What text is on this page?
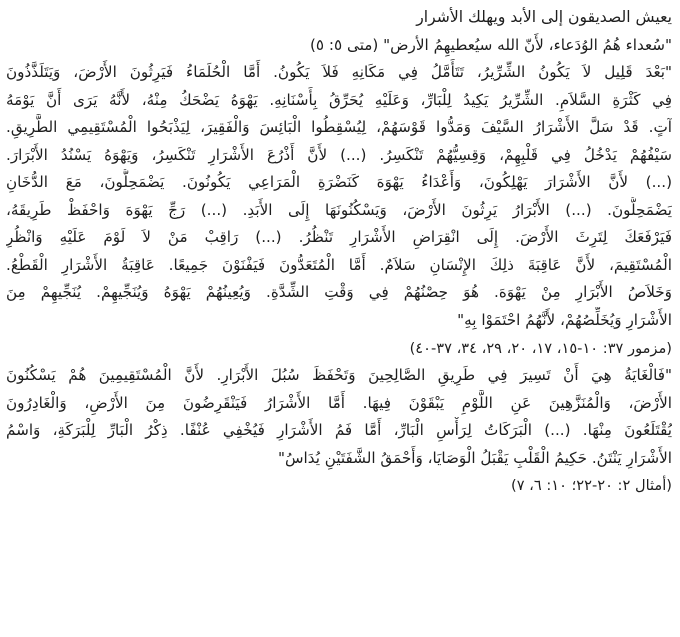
يعيش الصديقون إلى الأبد ويهلك الأشرار
"سُعداء هُمُ الوُدَعاء، لأَنّ الله سيُعطيهِمُ الأرض" (متى ٥: ٥)
"بَعْدَ قَلِيل لاَ يَكُونُ الشِّرِّيرُ، تَتَأَمَّلُ فِي مَكَانِهِ فَلاَ يَكُونُ. أَمَّا الْحُلَمَاءُ فَيَرِثُونَ الأَرْضَ، وَيَتَلَذَّذُونَ
فِي كَثْرَةِ السَّلاَمِ. الشِّرِّيرُ يَكِيدُ لِلْبَارِّ، وَعَلَيْهِ يُحَرِّقُ بِأَسْنَانِهِ. يَهْوَهُ يَضْحَكُ مِنْهُ، لأَنَّهُ يَرَى أَنَّ يَوْمَهُ
آتٍ. قَدْ سَلَّ الأَشْرَارُ السَّيْفَ وَمَدُّوا قَوْسَهُمْ، لِيُسْقِطُوا الْبَائِسَ وَالْفَقِيرَ، لِيَذْبَحُوا الْمُسْتَقِيمِي الطَّرِيقِ.
سَيْفُهُمْ يَدْخُلُ فِي قَلْبِهِمْ، وَقِسِيُّهُمْ تَنْكَسِرُ. (...) لأَنَّ أَذْرُعَ الأَشْرَارِ تَنْكَسِرُ، وَيَهْوَهُ يَسْنُدُ الأَبْرَارَ.
(...) لأَنَّ الأَشْرَارَ يَهْلِكُونَ، وَأَعْدَاءُ يَهْوَهَ كَنَضْرَةِ الْمَرَاعِي يَكُونُونَ. يَضْمَحِلُّونَ، مَعَ الدُّخَانِ
يَضْمَحِلُّونَ. (...) الأَبْرَارُ يَرِثُونَ الأَرْضَ، وَيَسْكُنُونَهَا إِلَى الأَبَدِ. (...) رَجِّ يَهْوَهَ وَاحْفَظْ طَرِيقَهُ،
فَيَرْفَعَكَ لِتَرِثَ الأَرْضَ. إِلَى انْقِرَاضِ الأَشْرَارِ تَنْظُرُ. (...) رَاقِبْ مَنْ لاَ لَوْمَ عَلَيْهِ وَانْظُرِ
الْمُسْتَقِيمَ، لأَنَّ عَاقِبَةَ ذلِكَ الإِنْسَانِ سَلاَمٌ. أَمَّا الْمُتَعَدُّونَ فَيَفْنَوْنَ جَمِيعًا. عَاقِبَةُ الأَشْرَارِ الْقَطْعُ.
وَخَلاَصُ الأَبْرَارِ مِنْ يَهْوَهَ. هُوَ حِصْنُهُمْ فِي وَقْتِ الشِّدَّةِ. وَيُعِينُهُمْ يَهْوَهُ وَيُنَجِّيهِمْ. يُنَجِّيهِمْ مِنَ
الأَشْرَارِ وَيُخَلِّصُهُمْ، لأَنَّهُمُ احْتَمَوْا بِهِ"
(مزمور ٣٧: ١٠-١٥، ١٧، ٢٠، ٢٩، ٣٤، ٣٧-٤٠)
"فَالْغَايَةُ هِيَ أَنْ تَسِيرَ فِي طَرِيقِ الصَّالِحِينَ وَتَحْفَظَ سُبُلَ الأَبْرَارِ. لأَنَّ الْمُسْتَقِيمِينَ هُمْ يَسْكُنُونَ
الأَرْضَ، وَالْمُنَزَّهِينَ عَنِ اللَّوْمِ يَبْقَوْنَ فِيهَا. أَمَّا الأَشْرَارُ فَيَنْقَرِضُونَ مِنَ الأَرْضِ، وَالْغَادِرُونَ
يُقْتَلَعُونَ مِنْهَا. (...) الْبَرَكَاتُ لِرَأْسِ الْبَارِّ، أَمَّا فَمُ الأَشْرَارِ فَيُخْفِي عُنْفًا. ذِكْرُ الْبَارِّ لِلْبَرَكَةِ، وَاسْمُ
الأَشْرَارِ يَنْتَنُ. حَكِيمُ الْقَلْبِ يَقْبَلُ الْوَصَايَا، وَأَحْمَقُ الشَّفَتَيْنِ يُدَاسُ"
(أمثال ٢: ٢٠-٢٢؛ ١٠: ٦، ٧)
